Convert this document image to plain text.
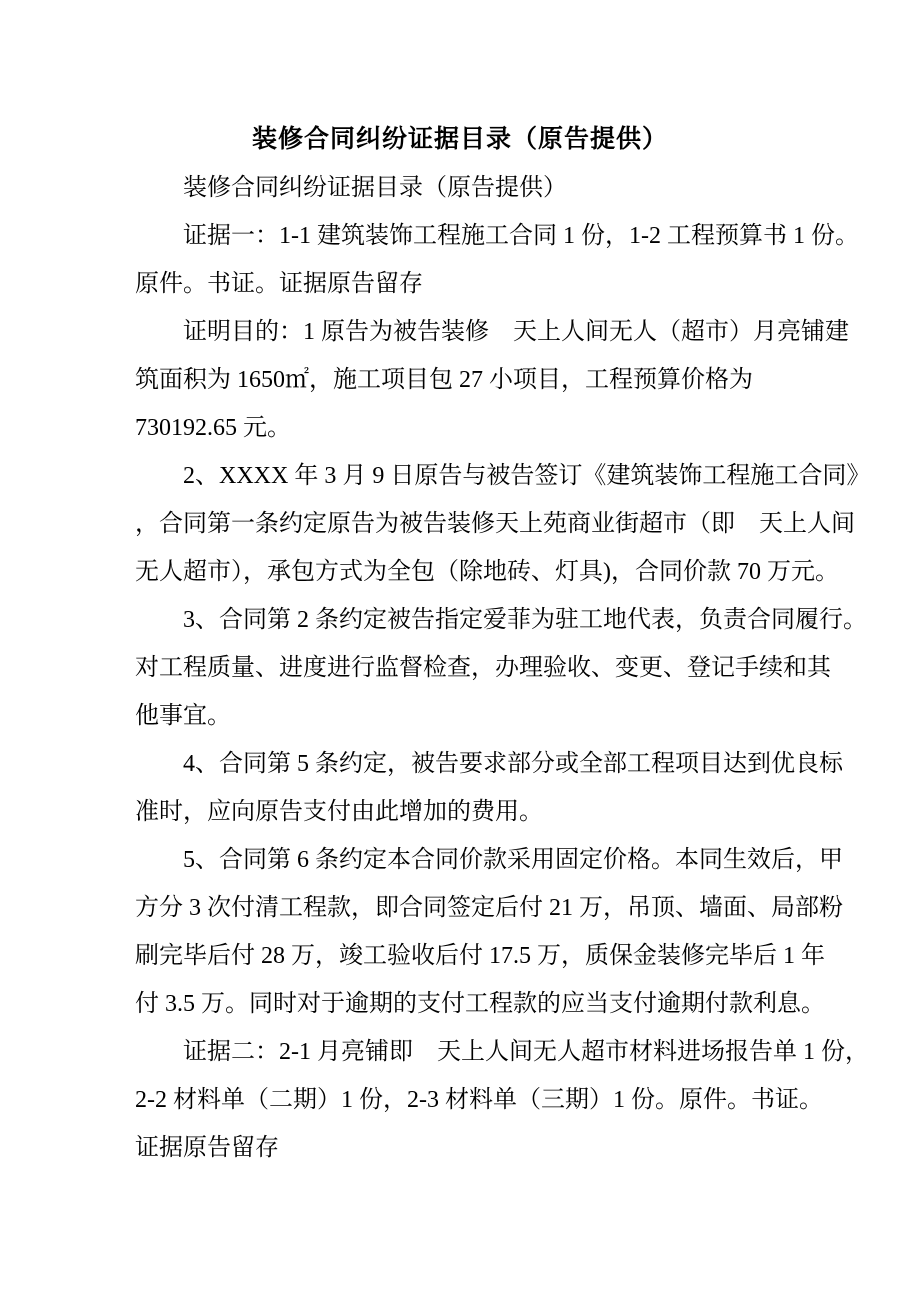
装修合同纠纷证据目录（原告提供）
装修合同纠纷证据目录（原告提供）
证据一：1-1 建筑装饰工程施工合同 1 份，1-2 工程预算书 1 份。
原件。书证。证据原告留存
证明目的：1 原告为被告装修　天上人间无人（超市）月亮铺建
筑面积为 1650㎡，施工项目包 27 小项目，工程预算价格为
730192.65 元。
2、XXXX 年 3 月 9 日原告与被告签订《建筑装饰工程施工合同》
，合同第一条约定原告为被告装修天上苑商业街超市（即　天上人间
无人超市），承包方式为全包（除地砖、灯具)，合同价款 70 万元。
3、合同第 2 条约定被告指定爱菲为驻工地代表，负责合同履行。
对工程质量、进度进行监督检查，办理验收、变更、登记手续和其
他事宜。
4、合同第 5 条约定，被告要求部分或全部工程项目达到优良标
准时，应向原告支付由此增加的费用。
5、合同第 6 条约定本合同价款采用固定价格。本同生效后，甲
方分 3 次付清工程款，即合同签定后付 21 万，吊顶、墙面、局部粉
刷完毕后付 28 万，竣工验收后付 17.5 万，质保金装修完毕后 1 年
付 3.5 万。同时对于逾期的支付工程款的应当支付逾期付款利息。
证据二：2-1 月亮铺即　天上人间无人超市材料进场报告单 1 份，
2-2 材料单（二期）1 份，2-3 材料单（三期）1 份。原件。书证。
证据原告留存
